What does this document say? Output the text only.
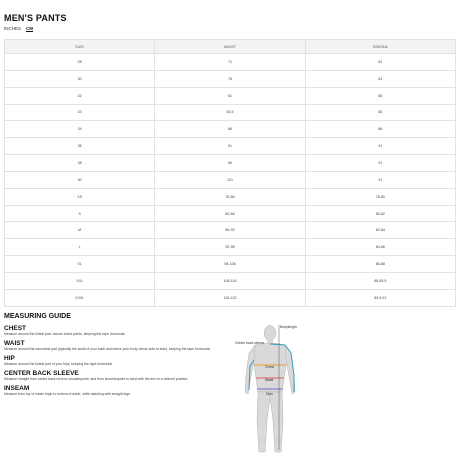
MEN'S PANTS
INCHES CM
SIZE	WAIST	INSEAM
28	71	81
30	76	81
32	81	86
33	83.5	86
34	86	86
36	91	91
38	96	91
40	101	91
XS	76-80	78-80
S	80-86	80-82
M	86-92	82-84
L	92-98	84-86
XL	98-106	86-88
XXL	106-116	88-89.5
XXXL	116-122	89.5-91
MEASURING GUIDE
CHEST
Measure around the fullest part, across chest points, keeping the tape horizontal.
WAIST
Measure around the narrowest part (typically the small of your back and where your body bends side to side), keeping the tape horizontal.
HIP
Measure around the fullest part of your hips, keeping the tape horizontal.
CENTER BACK SLEEVE
Measure straight from centre back neck to shoulderpoint, and from shoulderpoint to wrist with the arm in a relaxed position.
INSEAM
Measure from top of inside thigh to bottom of ankle, while standing with straight legs.
Bodylength
Center back sleeve
Chest
Waist
Hips
